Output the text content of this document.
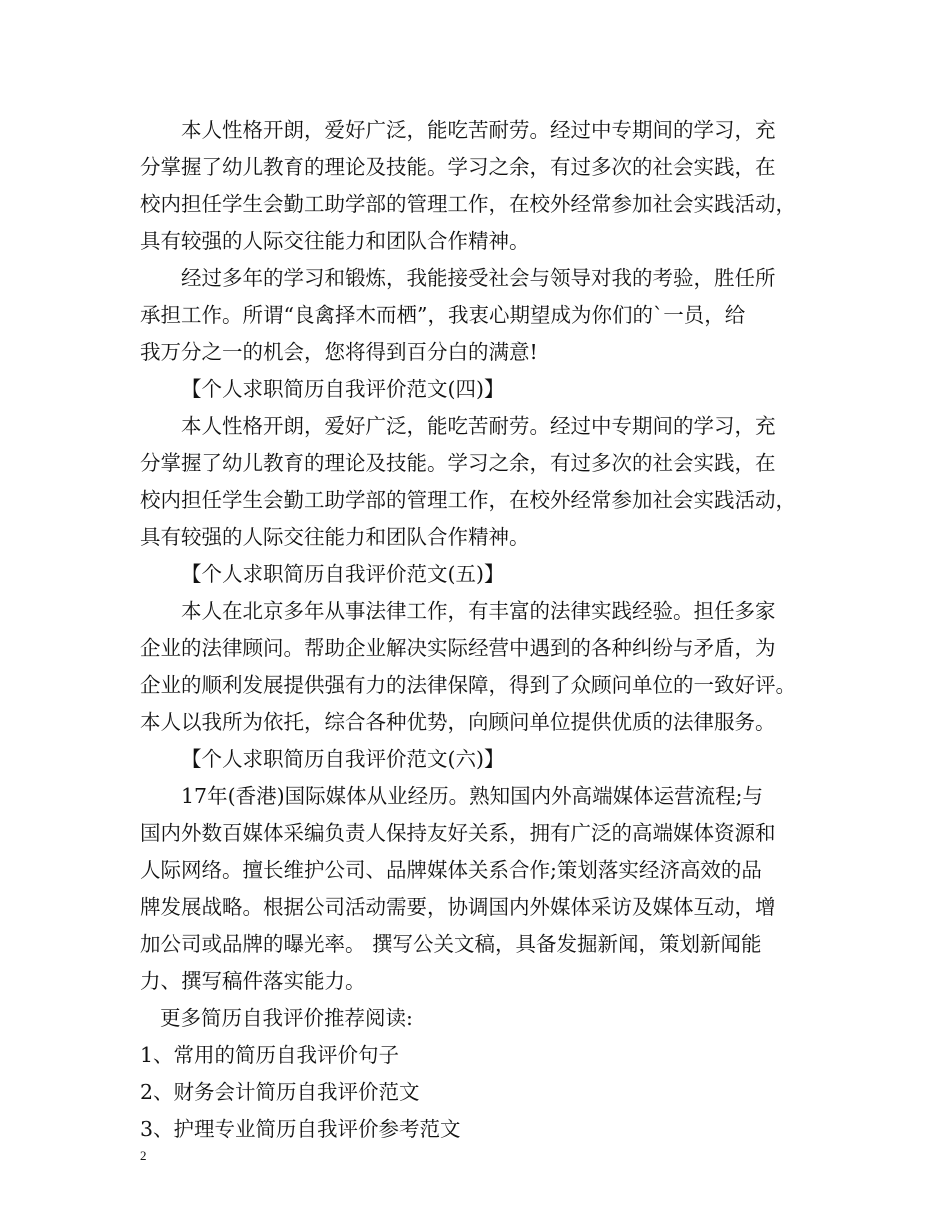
本人性格开朗，爱好广泛，能吃苦耐劳。经过中专期间的学习，充
分掌握了幼儿教育的理论及技能。学习之余，有过多次的社会实践，在
校内担任学生会勤工助学部的管理工作，在校外经常参加社会实践活动，
具有较强的人际交往能力和团队合作精神。
经过多年的学习和锻炼，我能接受社会与领导对我的考验，胜任所
承担工作。所谓“良禽择木而栖”，我衷心期望成为你们的`一员，给
我万分之一的机会，您将得到百分白的满意!
【个人求职简历自我评价范文(四)】
本人性格开朗，爱好广泛，能吃苦耐劳。经过中专期间的学习，充
分掌握了幼儿教育的理论及技能。学习之余，有过多次的社会实践，在
校内担任学生会勤工助学部的管理工作，在校外经常参加社会实践活动，
具有较强的人际交往能力和团队合作精神。
【个人求职简历自我评价范文(五)】
本人在北京多年从事法律工作，有丰富的法律实践经验。担任多家
企业的法律顾问。帮助企业解决实际经营中遇到的各种纠纷与矛盾，为
企业的顺利发展提供强有力的法律保障，得到了众顾问单位的一致好评。
本人以我所为依托，综合各种优势，向顾问单位提供优质的法律服务。
【个人求职简历自我评价范文(六)】
17年(香港)国际媒体从业经历。熟知国内外高端媒体运营流程;与
国内外数百媒体采编负责人保持友好关系，拥有广泛的高端媒体资源和
人际网络。擅长维护公司、品牌媒体关系合作;策划落实经济高效的品
牌发展战略。根据公司活动需要，协调国内外媒体采访及媒体互动，增
加公司或品牌的曝光率。 撰写公关文稿，具备发掘新闻，策划新闻能
力、撰写稿件落实能力。
更多简历自我评价推荐阅读:
1、常用的简历自我评价句子
2、财务会计简历自我评价范文
3、护理专业简历自我评价参考范文
2
